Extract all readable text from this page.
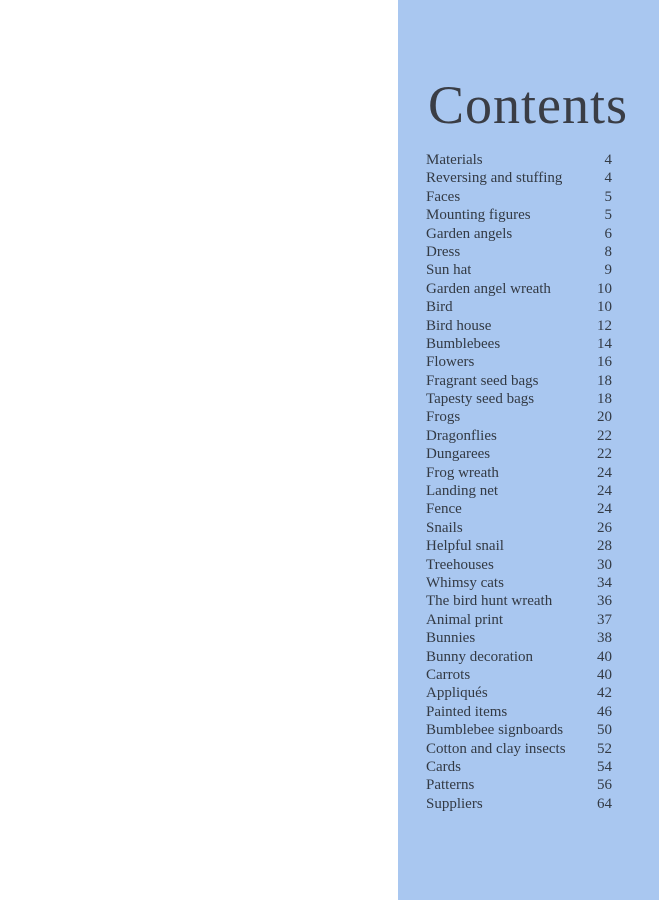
Contents
Materials	4
Reversing and stuffing	4
Faces	5
Mounting figures	5
Garden angels	6
Dress	8
Sun hat	9
Garden angel wreath	10
Bird	10
Bird house	12
Bumblebees	14
Flowers	16
Fragrant seed bags	18
Tapesty seed bags	18
Frogs	20
Dragonflies	22
Dungarees	22
Frog wreath	24
Landing net	24
Fence	24
Snails	26
Helpful snail	28
Treehouses	30
Whimsy cats	34
The bird hunt wreath	36
Animal print	37
Bunnies	38
Bunny decoration	40
Carrots	40
Appliqués	42
Painted items	46
Bumblebee signboards	50
Cotton and clay insects	52
Cards	54
Patterns	56
Suppliers	64
